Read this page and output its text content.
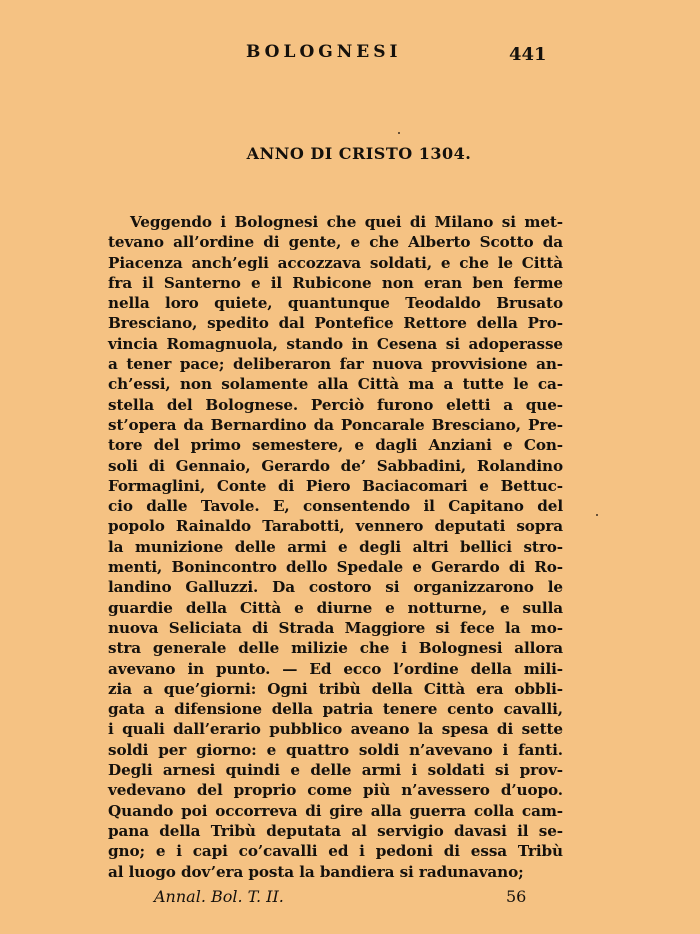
BOLOGNESI	441
ANNO DI CRISTO 1304.
Veggendo i Bolognesi che quei di Milano si met-
tevano all’ordine di gente, e che Alberto Scotto da
Piacenza anch’egli accozzava soldati, e che le Città
fra il Santerno e il Rubicone non eran ben ferme
nella loro quiete, quantunque Teodaldo Brusato
Bresciano, spedito dal Pontefice Rettore della Pro-
vincia Romagnuola, stando in Cesena si adoperasse
a tener pace; deliberaron far nuova provvisione an-
ch’essi, non solamente alla Città ma a tutte le ca-
stella del Bolognese. Perciò furono eletti a que-
st’opera da Bernardino da Poncarale Bresciano, Pre-
tore del primo semestere, e dagli Anziani e Con-
soli di Gennaio, Gerardo de’ Sabbadini, Rolandino
Formaglini, Conte di Piero Baciacomari e Bettuc-
cio dalle Tavole. E, consentendo il Capitano del
popolo Rainaldo Tarabotti, vennero deputati sopra
la munizione delle armi e degli altri bellici stro-
menti, Bonincontro dello Spedale e Gerardo di Ro-
landino Galluzzi. Da costoro si organizzarono le
guardie della Città e diurne e notturne, e sulla
nuova Seliciata di Strada Maggiore si fece la mo-
stra generale delle milizie che i Bolognesi allora
avevano in punto. — Ed ecco l’ordine della mili-
zia a que’giorni: Ogni tribù della Città era obbli-
gata a difensione della patria tenere cento cavalli,
i quali dall’erario pubblico aveano la spesa di sette
soldi per giorno: e quattro soldi n’avevano i fanti.
Degli arnesi quindi e delle armi i soldati si prov-
vedevano del proprio come più n’avessero d’uopo.
Quando poi occorreva di gire alla guerra colla cam-
pana della Tribù deputata al servigio davasi il se-
gno; e i capi co’cavalli ed i pedoni di essa Tribù
al luogo dov’era posta la bandiera si radunavano;
Annal. Bol. T. II.	56
